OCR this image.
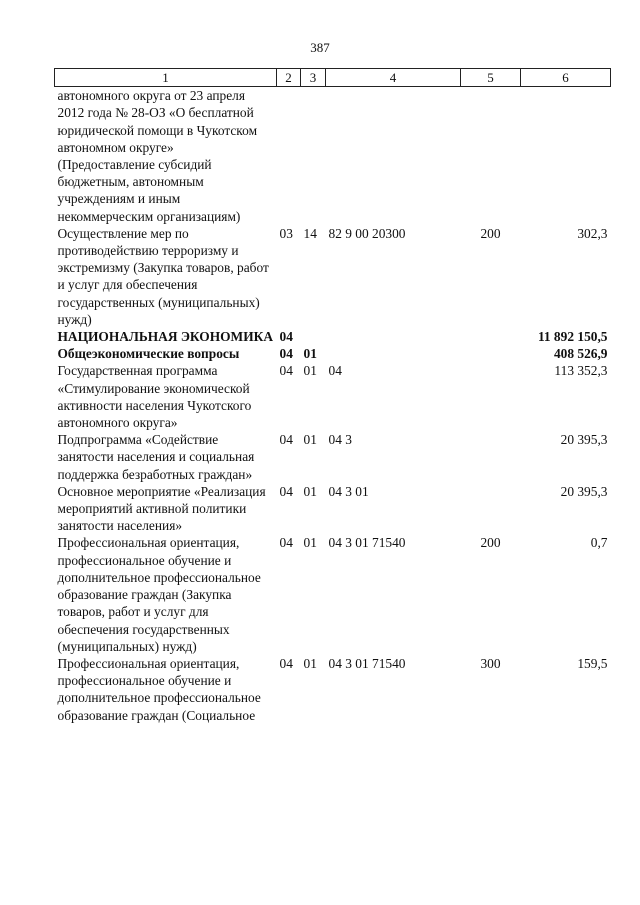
387
1	2	3	4	5	6
автономного округа от 23 апреля 2012 года № 28-ОЗ «О бесплатной юридической помощи в Чукотском автономном округе» (Предоставление субсидий бюджетным, автономным учреждениям и иным некоммерческим организациям)					
Осуществление мер по противодействию терроризму и экстремизму (Закупка товаров, работ и услуг для обеспечения государственных (муниципальных) нужд)	03	14	82 9 00 20300	200	302,3
НАЦИОНАЛЬНАЯ ЭКОНОМИКА	04				11 892 150,5
Общеэкономические вопросы	04	01			408 526,9
Государственная программа «Стимулирование экономической активности населения Чукотского автономного округа»	04	01	04		113 352,3
Подпрограмма «Содействие занятости населения и социальная поддержка безработных граждан»	04	01	04 3		20 395,3
Основное мероприятие «Реализация мероприятий активной политики занятости населения»	04	01	04 3 01		20 395,3
Профессиональная ориентация, профессиональное обучение и дополнительное профессиональное образование граждан (Закупка товаров, работ и услуг для обеспечения государственных (муниципальных) нужд)	04	01	04 3 01 71540	200	0,7
Профессиональная ориентация, профессиональное обучение и дополнительное профессиональное образование граждан (Социальное	04	01	04 3 01 71540	300	159,5
